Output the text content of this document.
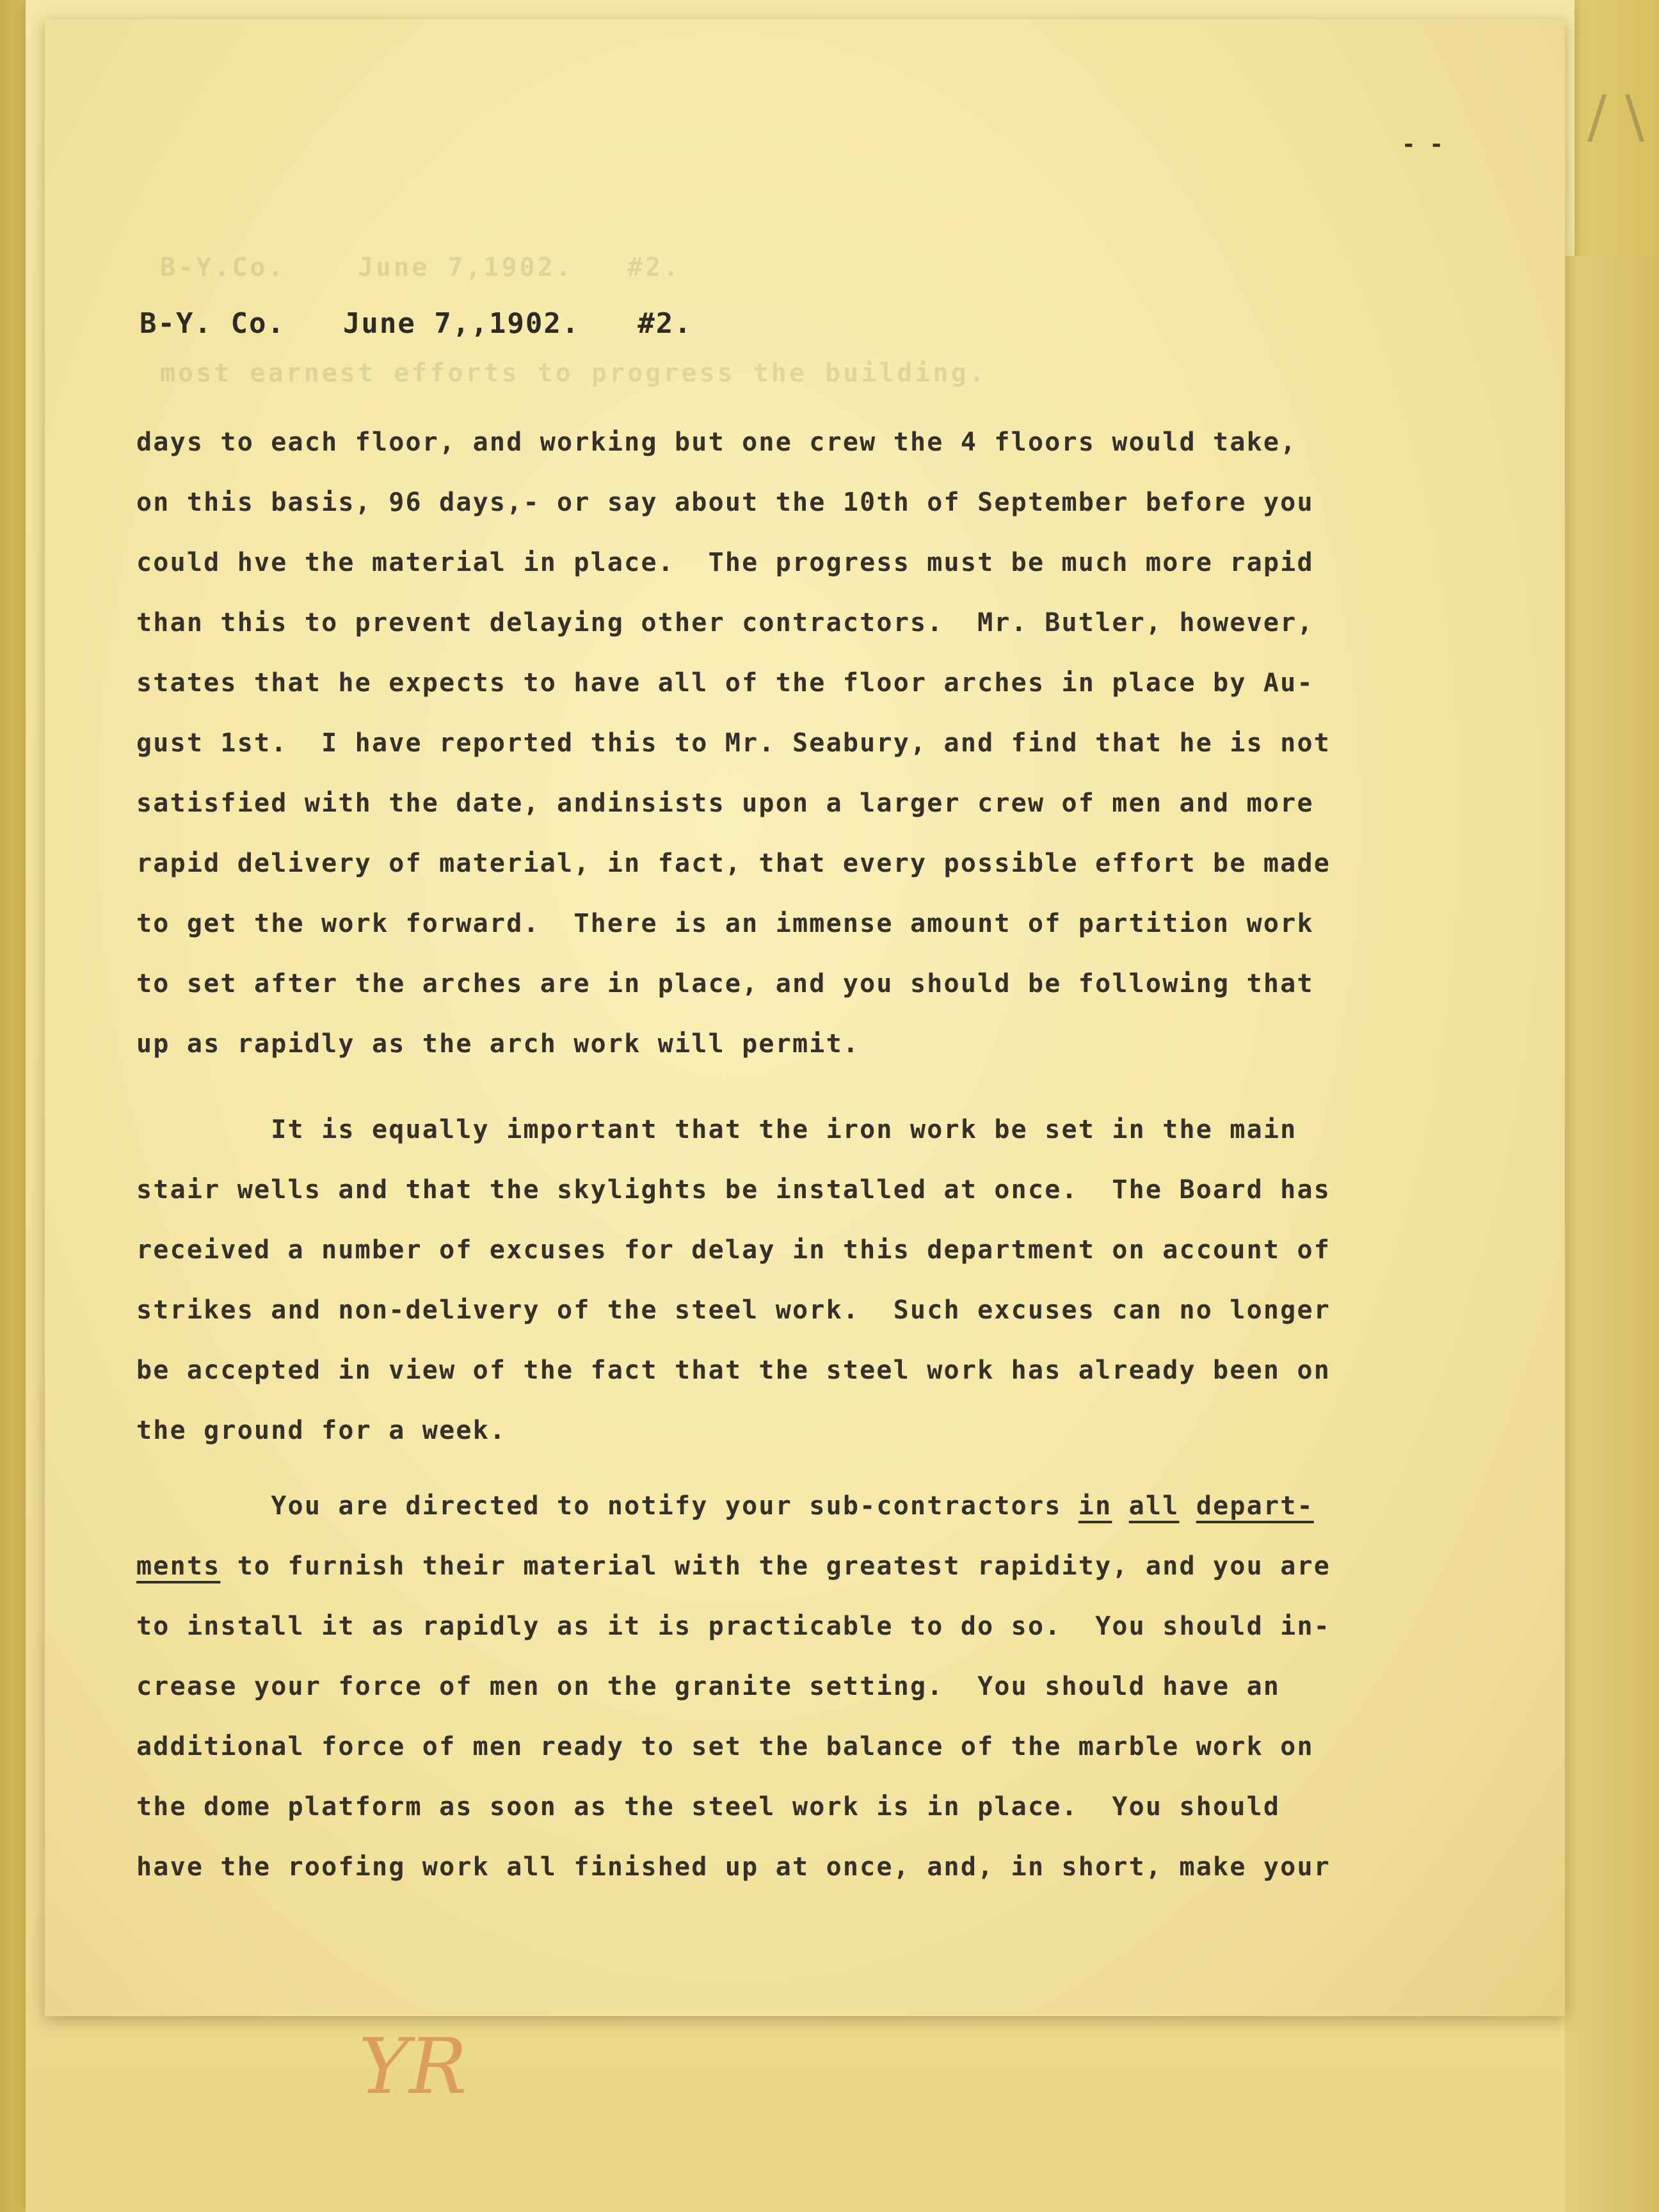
/ \
B-Y.Co.    June 7,1902.   #2.
most earnest efforts to progress the building.
- -
B-Y. Co. June 7,,1902. #2.
days to each floor, and working but one crew the 4 floors would take,
on this basis, 96 days,- or say about the 10th of September before you
could hve the material in place.  The progress must be much more rapid
than this to prevent delaying other contractors.  Mr. Butler, however,
states that he expects to have all of the floor arches in place by Au-
gust 1st.  I have reported this to Mr. Seabury, and find that he is not
satisfied with the date, andinsists upon a larger crew of men and more
rapid delivery of material, in fact, that every possible effort be made
to get the work forward.  There is an immense amount of partition work
to set after the arches are in place, and you should be following that
up as rapidly as the arch work will permit.
It is equally important that the iron work be set in the main
stair wells and that the skylights be installed at once.  The Board has
received a number of excuses for delay in this department on account of
strikes and non-delivery of the steel work.  Such excuses can no longer
be accepted in view of the fact that the steel work has already been on
the ground for a week.
You are directed to notify your sub-contractors in all depart-
ments to furnish their material with the greatest rapidity, and you are
to install it as rapidly as it is practicable to do so.  You should in-
crease your force of men on the granite setting.  You should have an
additional force of men ready to set the balance of the marble work on
the dome platform as soon as the steel work is in place.  You should
have the roofing work all finished up at once, and, in short, make your
YR
